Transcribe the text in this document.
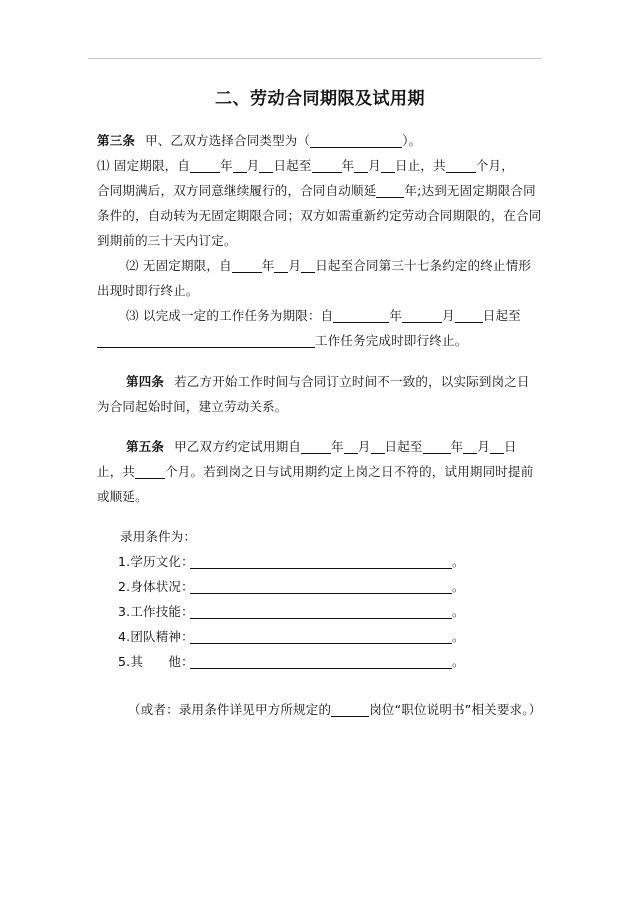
二、劳动合同期限及试用期
第三条 甲、乙双方选择合同类型为（	）。
⑴ 固定期限，自 年 月 日起至 年 月 日止，共 个月，
合同期满后，双方同意继续履行的，合同自动顺延 年;达到无固定期限合同
条件的，自动转为无固定期限合同；双方如需重新约定劳动合同期限的，在合同
到期前的三十天内订定。
⑵ 无固定期限，自 年 月 日起至合同第三十七条约定的终止情形
出现时即行终止。
⑶ 以完成一定的工作任务为期限：自	年	月 日起至
工作任务完成时即行终止。
第四条 若乙方开始工作时间与合同订立时间不一致的，以实际到岗之日
为合同起始时间，建立劳动关系。
第五条 甲乙双方约定试用期自 年 月 日起至 年 月 日
止，共 个月。若到岗之日与试用期约定上岗之日不符的，试用期同时提前
或顺延。
录用条件为：
1.学历文化：	。
2.身体状况：	。
3.工作技能：	。
4.团队精神：	。
5.其　　他：	。
（或者：录用条件详见甲方所规定的	岗位“职位说明书”相关要求。）
